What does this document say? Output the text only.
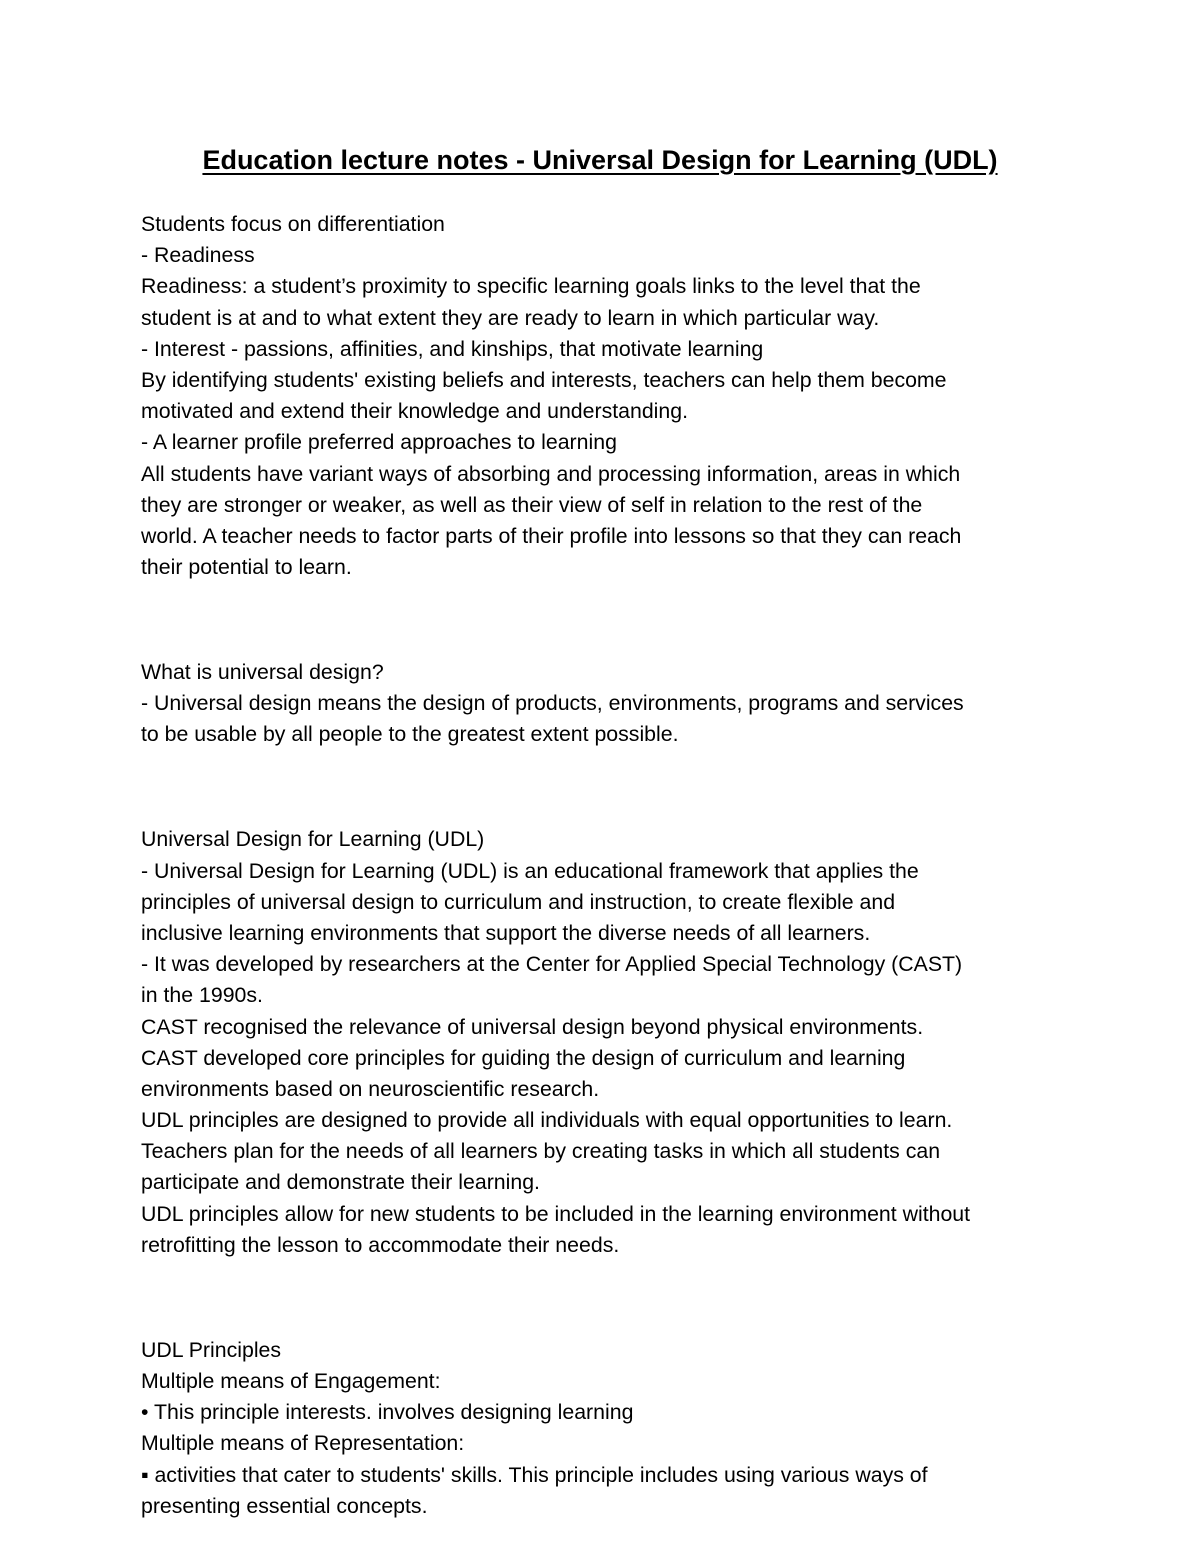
Education lecture notes - Universal Design for Learning (UDL)

Students focus on differentiation

- Readiness

Readiness: a student’s proximity to specific learning goals links to the level that the

student is at and to what extent they are ready to learn in which particular way.

- Interest - passions, affinities, and kinships, that motivate learning

By identifying students' existing beliefs and interests, teachers can help them become

motivated and extend their knowledge and understanding.

- A learner profile preferred approaches to learning

All students have variant ways of absorbing and processing information, areas in which

they are stronger or weaker, as well as their view of self in relation to the rest of the

world. A teacher needs to factor parts of their profile into lessons so that they can reach

their potential to learn.

What is universal design?

- Universal design means the design of products, environments, programs and services

to be usable by all people to the greatest extent possible.

Universal Design for Learning (UDL)

- Universal Design for Learning (UDL) is an educational framework that applies the

principles of universal design to curriculum and instruction, to create flexible and

inclusive learning environments that support the diverse needs of all learners.

- It was developed by researchers at the Center for Applied Special Technology (CAST)

in the 1990s.

CAST recognised the relevance of universal design beyond physical environments.

CAST developed core principles for guiding the design of curriculum and learning

environments based on neuroscientific research.

UDL principles are designed to provide all individuals with equal opportunities to learn.

Teachers plan for the needs of all learners by creating tasks in which all students can

participate and demonstrate their learning.

UDL principles allow for new students to be included in the learning environment without

retrofitting the lesson to accommodate their needs.

UDL Principles

Multiple means of Engagement:

• This principle interests. involves designing learning

Multiple means of Representation:

▪ activities that cater to students' skills. This principle includes using various ways of

presenting essential concepts.
